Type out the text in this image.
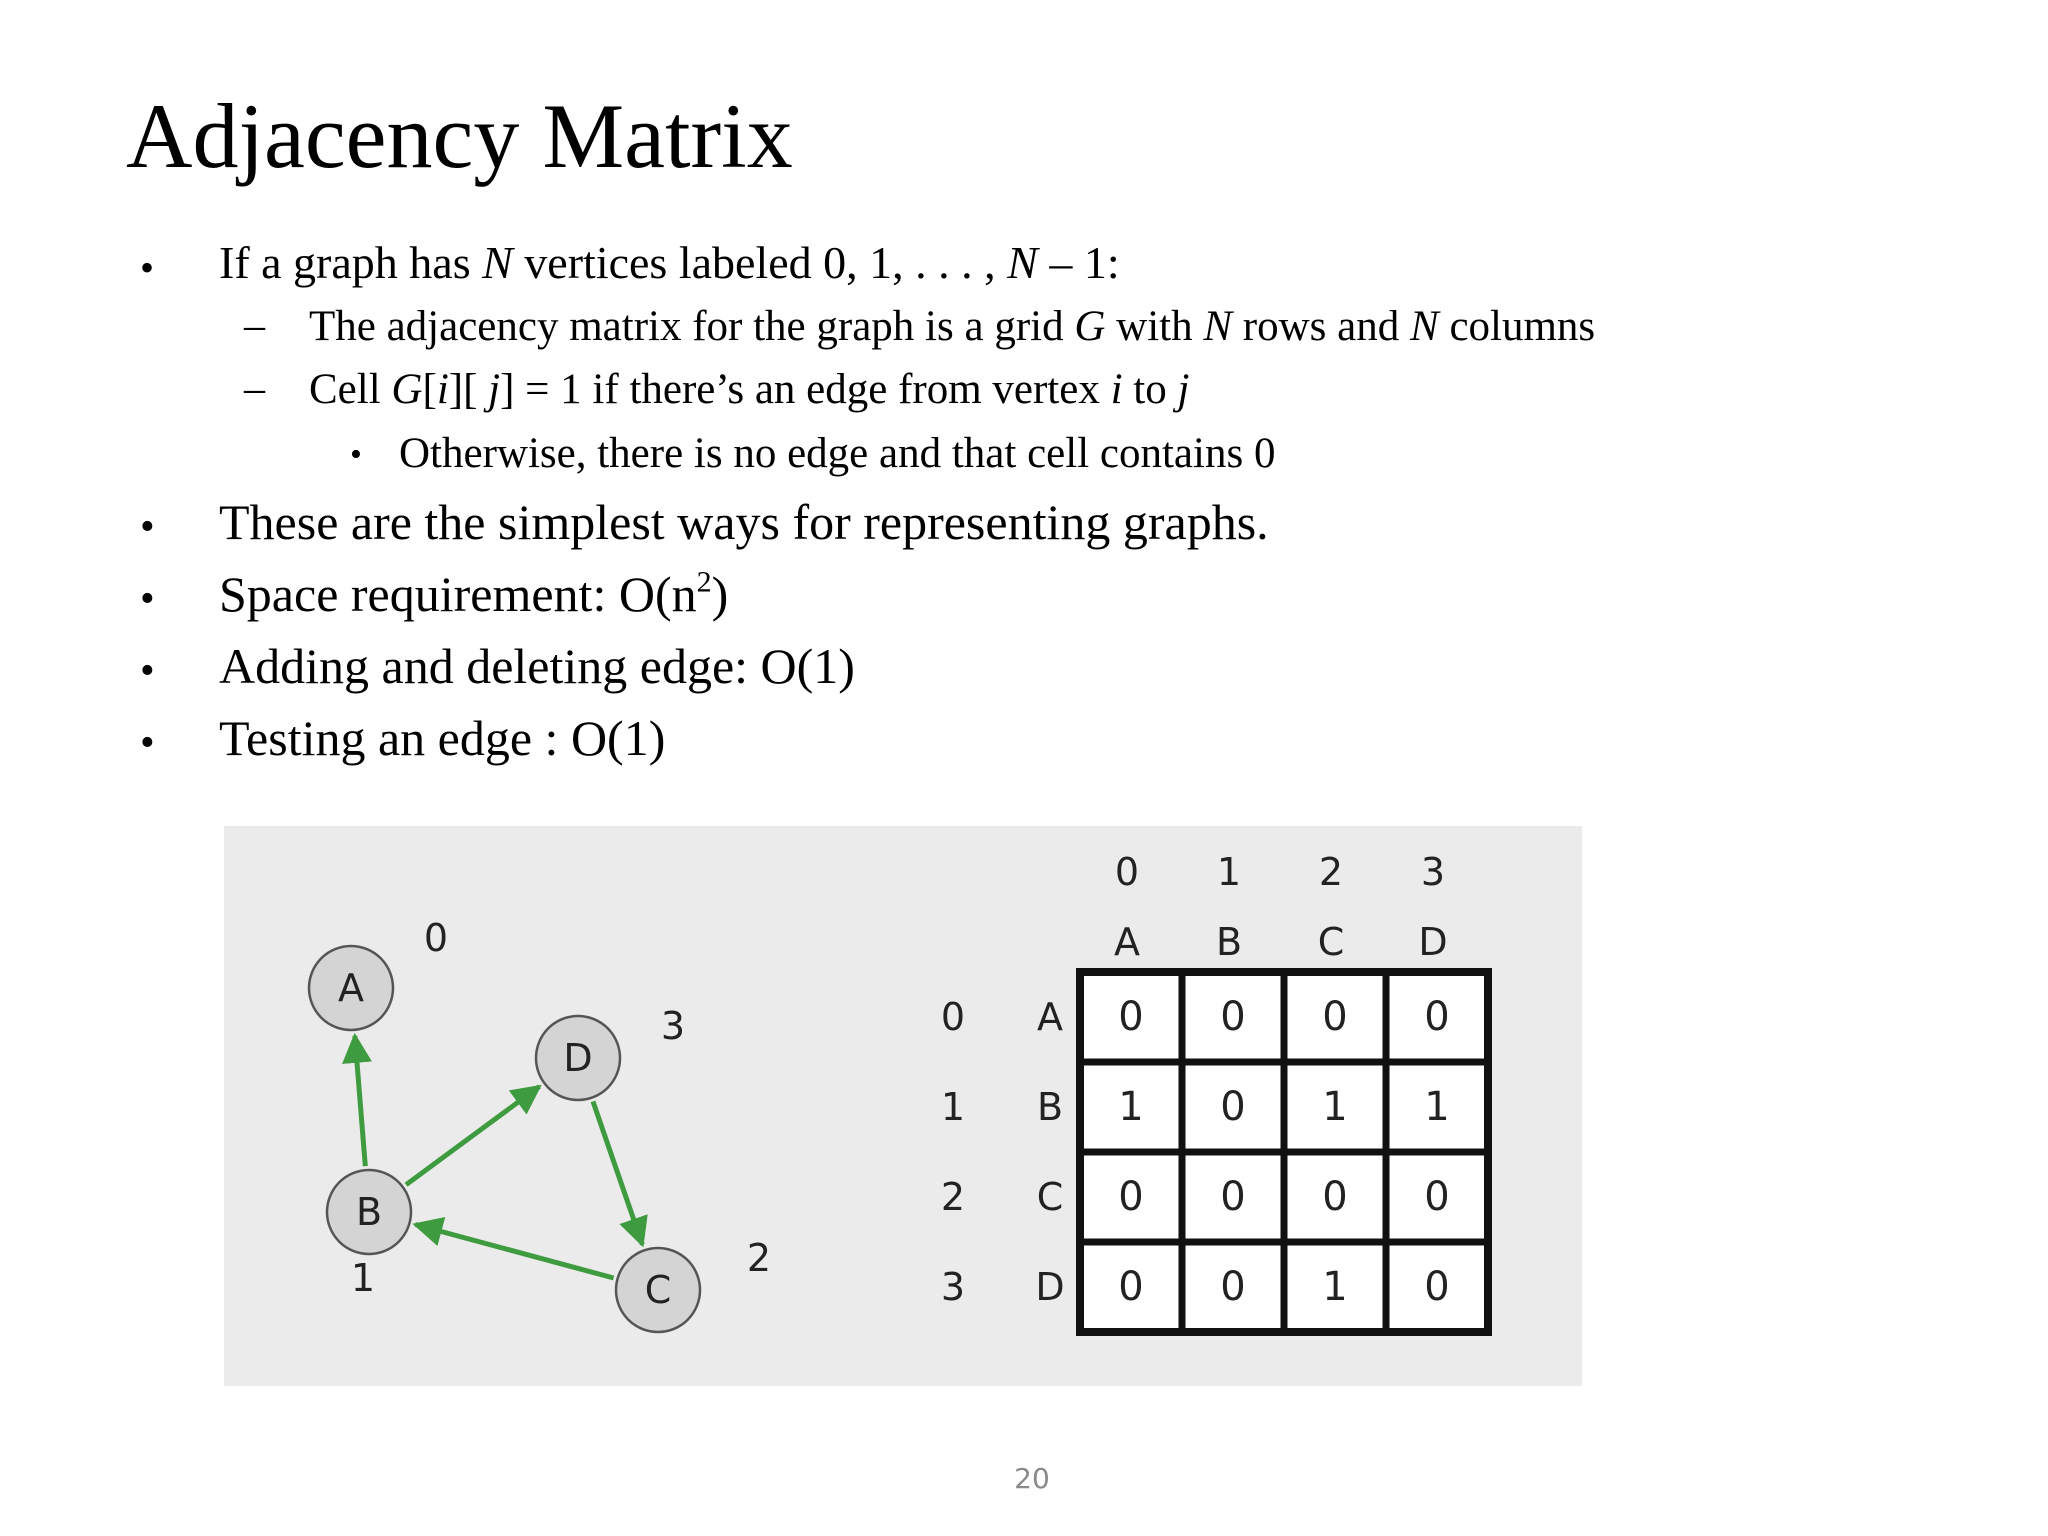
Adjacency Matrix
• If a graph has N vertices labeled 0, 1, . . . , N – 1:
– The adjacency matrix for the graph is a grid G with N rows and N columns
– Cell G[i][ j] = 1 if there’s an edge from vertex i to j
• Otherwise, there is no edge and that cell contains 0
• These are the simplest ways for representing graphs.
• Space requirement: $O(n^2)$
• Adding and deleting edge: O(1)
• Testing an edge : O(1)
A
0
B
1	C
2
D
3
0 1 2 3
A B C D
0
1
2
3
A
B
C
D
0 0 0 0
1 0 1 1
0 0 0 0
0 0 1 0
20
